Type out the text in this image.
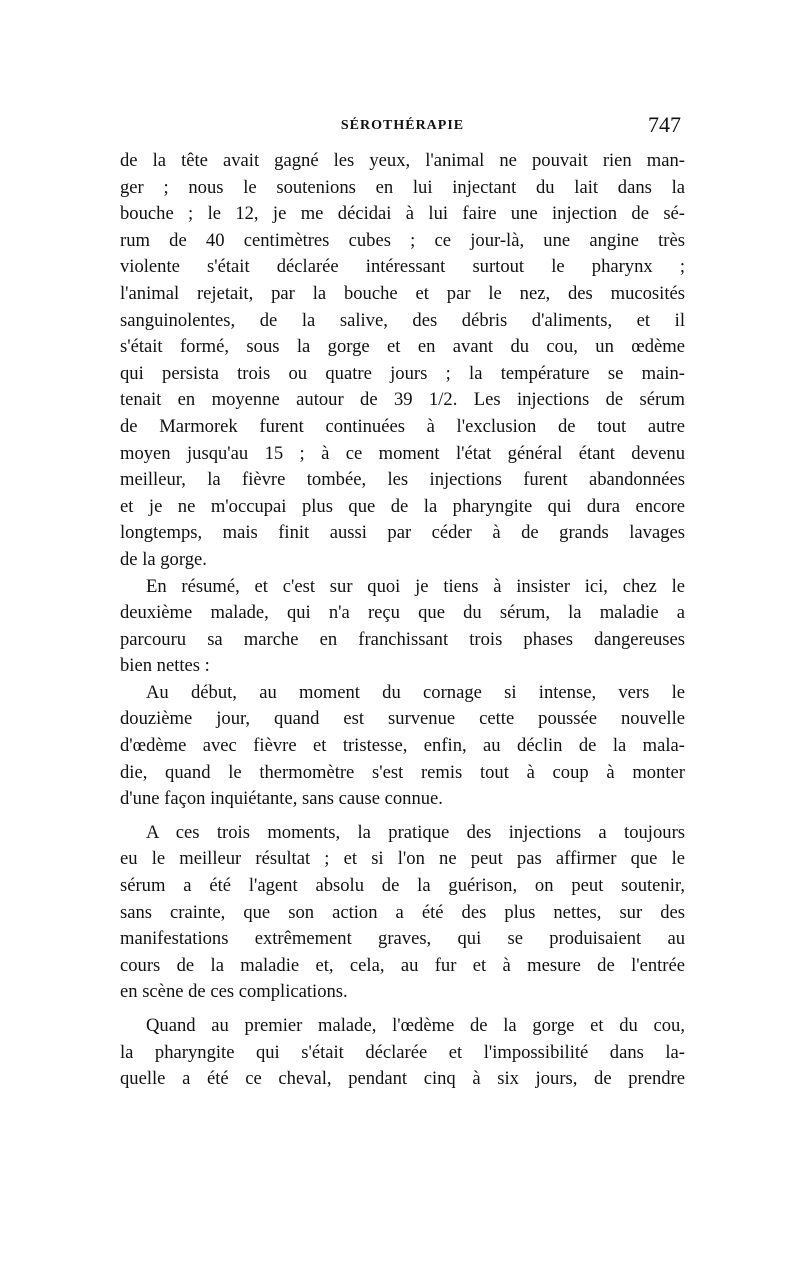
SÉROTHÉRAPIE	747
de la tête avait gagné les yeux, l'animal ne pouvait rien man-
ger ; nous le soutenions en lui injectant du lait dans la
bouche ; le 12, je me décidai à lui faire une injection de sé-
rum de 40 centimètres cubes ; ce jour-là, une angine très
violente s'était déclarée intéressant surtout le pharynx ;
l'animal rejetait, par la bouche et par le nez, des mucosités
sanguinolentes, de la salive, des débris d'aliments, et il
s'était formé, sous la gorge et en avant du cou, un œdème
qui persista trois ou quatre jours ; la température se main-
tenait en moyenne autour de 39 1/2. Les injections de sérum
de Marmorek furent continuées à l'exclusion de tout autre
moyen jusqu'au 15 ; à ce moment l'état général étant devenu
meilleur, la fièvre tombée, les injections furent abandonnées
et je ne m'occupai plus que de la pharyngite qui dura encore
longtemps, mais finit aussi par céder à de grands lavages
de la gorge.
En résumé, et c'est sur quoi je tiens à insister ici, chez le
deuxième malade, qui n'a reçu que du sérum, la maladie a
parcouru sa marche en franchissant trois phases dangereuses
bien nettes :
Au début, au moment du cornage si intense, vers le
douzième jour, quand est survenue cette poussée nouvelle
d'œdème avec fièvre et tristesse, enfin, au déclin de la mala-
die, quand le thermomètre s'est remis tout à coup à monter
d'une façon inquiétante, sans cause connue.
A ces trois moments, la pratique des injections a toujours
eu le meilleur résultat ; et si l'on ne peut pas affirmer que le
sérum a été l'agent absolu de la guérison, on peut soutenir,
sans crainte, que son action a été des plus nettes, sur des
manifestations extrêmement graves, qui se produisaient au
cours de la maladie et, cela, au fur et à mesure de l'entrée
en scène de ces complications.
Quand au premier malade, l'œdème de la gorge et du cou,
la pharyngite qui s'était déclarée et l'impossibilité dans la-
quelle a été ce cheval, pendant cinq à six jours, de prendre
